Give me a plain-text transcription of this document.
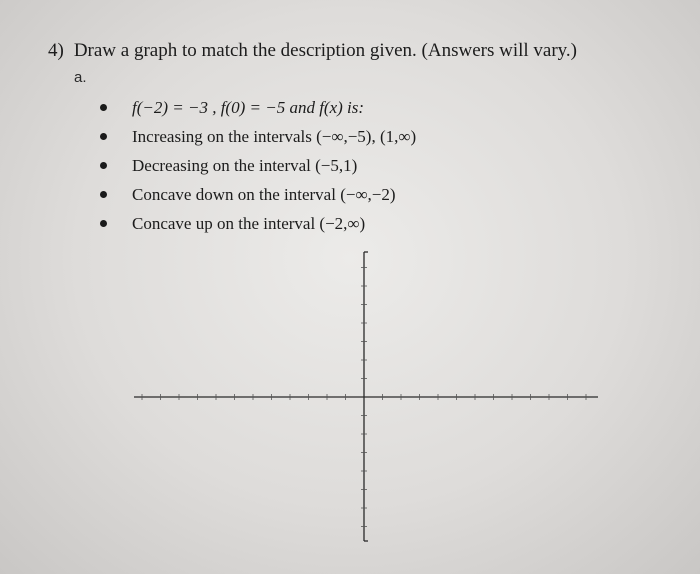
4) Draw a graph to match the description given. (Answers will vary.)
a.
f(−2) = −3 , f(0) = −5 and f(x) is:
Increasing on the intervals (−∞,−5), (1,∞)
Decreasing on the interval (−5,1)
Concave down on the interval (−∞,−2)
Concave up on the interval (−2,∞)
